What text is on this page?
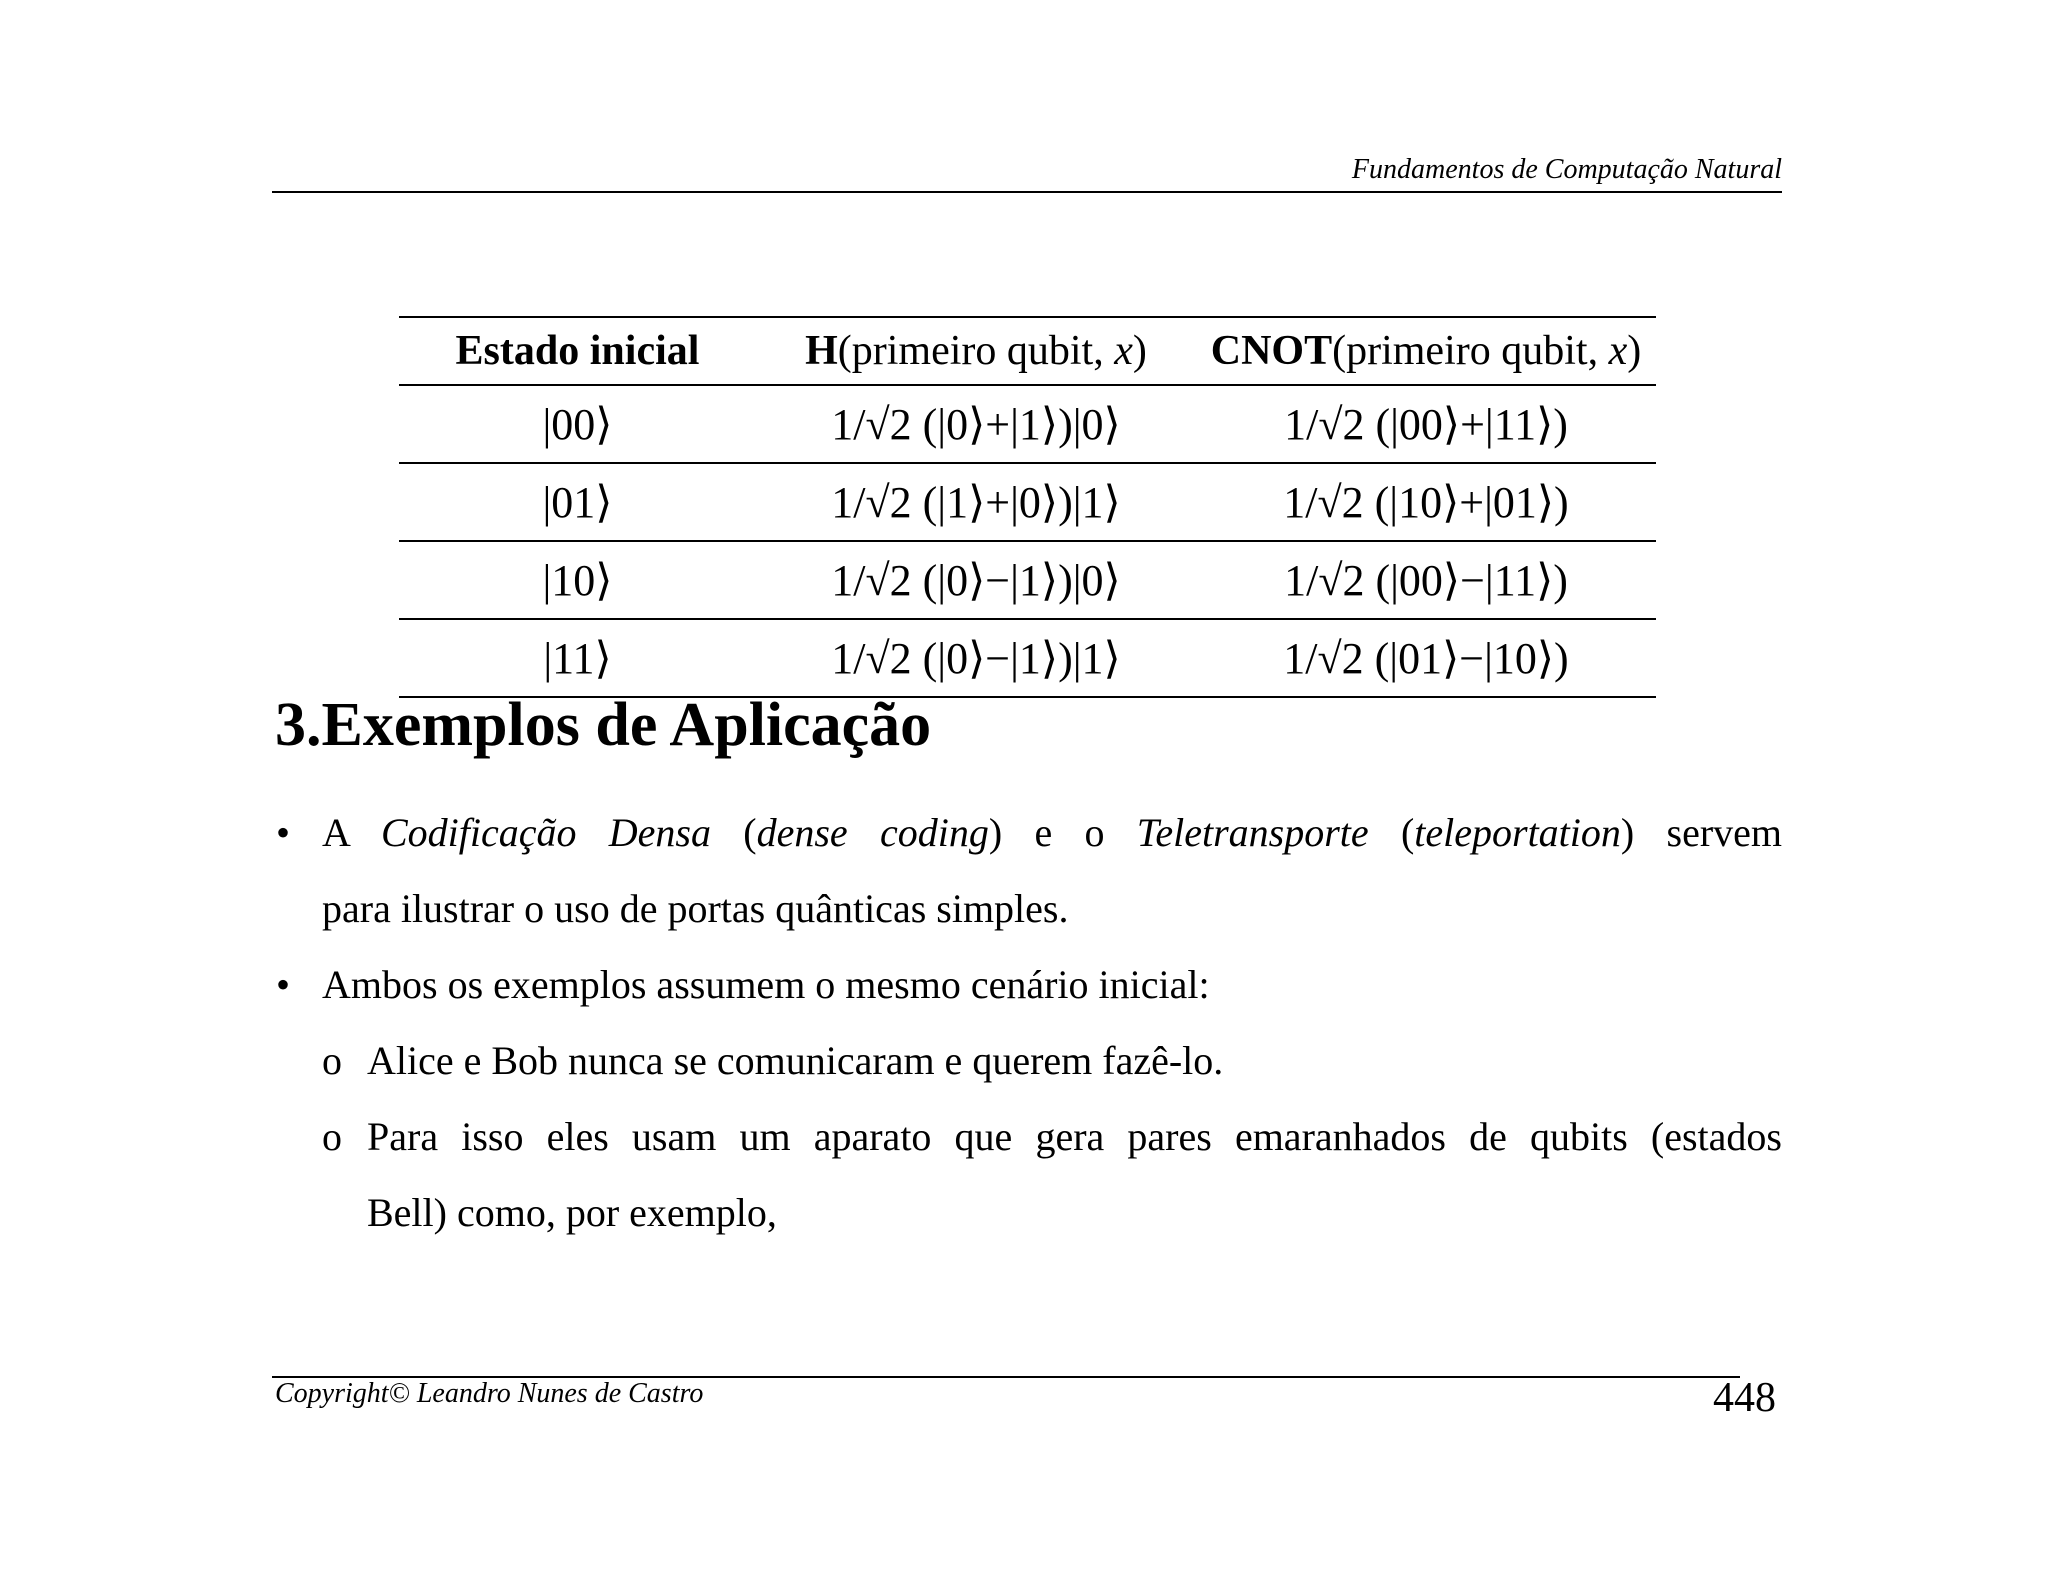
Fundamentos de Computação Natural
Estado inicial	H(primeiro qubit, x)	CNOT(primeiro qubit, x)
|00⟩	1/√2 (|0⟩+|1⟩)|0⟩	1/√2 (|00⟩+|11⟩)
|01⟩	1/√2 (|1⟩+|0⟩)|1⟩	1/√2 (|10⟩+|01⟩)
|10⟩	1/√2 (|0⟩−|1⟩)|0⟩	1/√2 (|00⟩−|11⟩)
|11⟩	1/√2 (|0⟩−|1⟩)|1⟩	1/√2 (|01⟩−|10⟩)
3.Exemplos de Aplicação
• A Codificação Densa (dense coding) e o Teletransporte (teleportation) servem
para ilustrar o uso de portas quânticas simples.
• Ambos os exemplos assumem o mesmo cenário inicial:
o Alice e Bob nunca se comunicaram e querem fazê-lo.
o Para isso eles usam um aparato que gera pares emaranhados de qubits (estados
Bell) como, por exemplo,
Copyright© Leandro Nunes de Castro	448
